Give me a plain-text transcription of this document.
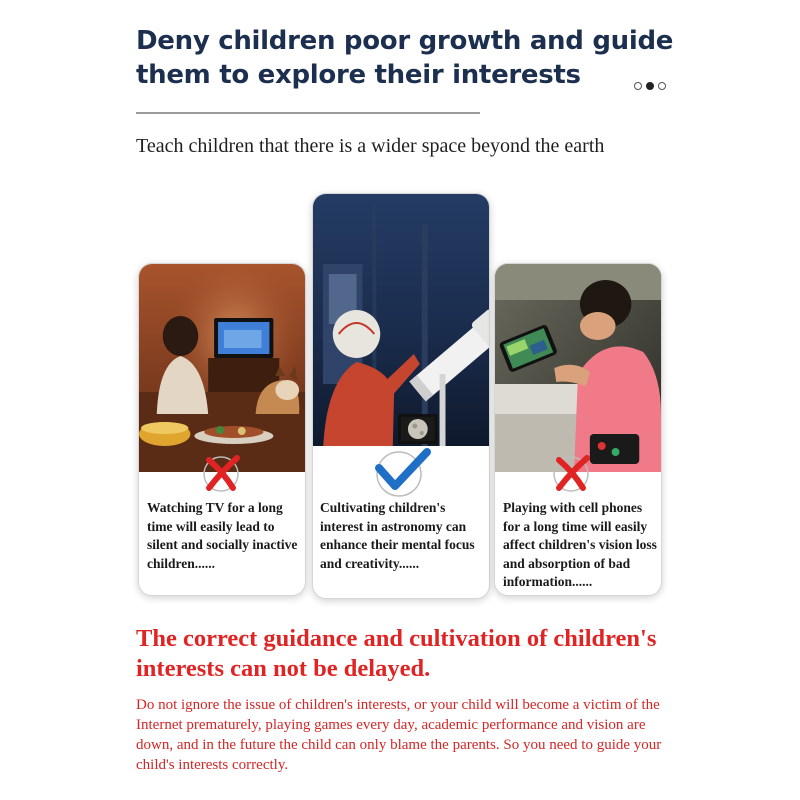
Deny children poor growth and guide them to explore their interests
Teach children that there is a wider space beyond the earth
Watching TV for a long time will easily lead to silent and socially inactive children......
Cultivating children's interest in astronomy can enhance their mental focus and creativity......
Playing with cell phones for a long time will easily affect children's vision loss and absorption of bad information......
The correct guidance and cultivation of children's interests can not be delayed.
Do not ignore the issue of children's interests, or your child will become a victim of the Internet prematurely, playing games every day, academic performance and vision are down, and in the future the child can only blame the parents. So you need to guide your child's interests correctly.
